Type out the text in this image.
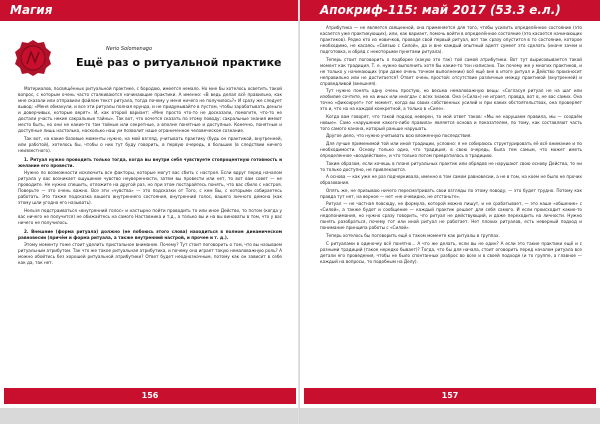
Магия
Nerio Solomenago
Ещё раз о ритуальной практике

Материалов, посвящённых ритуальной практике, с бородою, имеется немало. Но мне бы хотелось осветить такой вопрос, с которым очень часто сталкиваются начинающие практики. А именно: «В ведь делал всё правильно, как мне сказали или отправили файлом текст ритуала, тогда почему у меня ничего не получилось?» И сразу же следует вывод: «Меня обманули, и все эти ритуалы полная ерунда, и не придумывайте в пустом, чтобы зарабатывать деньги и доверчивых, которые верят». И, как второй вариант: «Мне просто что-то не досказали, помогите, что-то не достали участь некие сакральные тайны». Так вот, что хочется сказать по этому поводу: сакральные знания имеют место быть, но они не какие-то там тайные или секретные, а вполне понятные и доступные. Конечно, понятные и доступные лишь настолько, насколько наш ум позволит наше ограниченное человеческое сознание.

Так вот, на какие базовые моменты нужно, на мой взгляд, учитывать практику (будь он практикой, внутренней, или работой), хотелось бы, чтобы о них тут буду говорить, в первую очередь, в больших (в следствии ничего неизвестного).

1. Ритуал нужно проводить только тогда, когда вы внутри себя чувствуете стопроцентную готовность и желание его провести.

Нужно по возможности исключить все факторы, которые могут вас сбить с настроя. Если вдруг перед началом ритуала у вас возникает ощущение чувство неуверенности, затем вы провести или нет, то вот вам совет — не проводите. Не нужно спешить, отложите на другой раз, но при этом постарайтесь понять, что вас сбило с настроя. Поверьте — это очень важно. Все эти «чувства» — это подсказки от Того, с кем Вы, с которыми собираетесь работать. Это также подсказка вашего внутреннего состояния, внутренний голос, вашего личного демона (как этому шли угодно его называть).

Нельзя подстраиваться «внутренний голос» и настырно пойти проводить то или иное Действо, то потом (когда у вас ничего не получится) не обижайтесь на самого Наставника и т.д., а только вы и на вы виноваты в том, что у вас ничего не получилось.

2. Внешние (форма ритуала) должно (не побоюсь этого слова) находиться в полном динамическом равновесии (причём и форма ритуала, а также внутренний настрой, и прочее и т. д.).

Этому моменту тоже стоит уделить пристальное внимание. Почему? Тут стоит поговорить о том, что вы называем ритуальным атрибутом. Так что же такое ритуальная атрибутика, и почему она играет такую немаловажную роль? А можно обойтись без хорошей ритуальной атрибутики? Ответ будет неоднозначным, потому как он зависит в себе как да, так нет.

156
Апокриф-115: май 2017 (53.3 е.л.)

Атрибутика — не является священной, она применяется для того, чтобы усилить определённое состояние (это касается уже практикующих), или, как вариант, помочь войти в определённое состояние (это касается начинающих практиков). Редко кто из новичков, проводя свой первый ритуал, вот так сразу опустится в то состояние, которое необходимо, не касаясь «Связью с Силой», да и вне каждый опытный адепт сумеет это сделать (иначе зачем и подготовка, и обряд с некоторыми пунктами ритуала).

Теперь стоит поговорить о подборке (какую это так) той самой атрибутики. Вот тут вырисовывается такой момент как традиция. Т. е. нужно выполнить хотя бы какие-то тон написано. Так почему же у многих практиков, и не только у начинающих (при даже очень точном выполнении) всё ещё вне в итоге ритуал и Действо произносит неправильно или не достигается? Ответ очень простой: отсутствие различные между практикой (внутренней) и справедливой (внешняя).

Тут нужно понять одну очень простую, но весьма немаловажную вещь: «Согласуя ритуал не на шаг или изобилие сочтите, не на иных или иногда» с всех знаков. Она («Сила») не играет, правда, вот в, не вас самих. Она точно «фиксирует» тот момент, когда вы своих собственных усилий и при каких обстоятельствах, она проверяет это и, что на на каждой конкретной, а только в «Силе».

Когда вам говорят, что такой подход неверен, то мой ответ таков: «Мы не нарушаем правила, мы — создаём новые». Само «нарушение какого-либо правила» является основа и показателем, по тому, как составляют часть того самого канона, который раньше нарушать.

Другое дело, что нужно учитывать всю вложенную последствия.

Для лучше применимой той или иной традиции, условно: я не собираюсь структурировать её всё внимание и по необходимости. Основу только одно, что традиция, в свою очередь, была тем самым, что может иметь определенное «воздействие», и что только потом превратилась в традицию.

Таким образом, если хочешь в плане ритуальных практик или обрядов не нарушают свою основу Действа, то ни то только доступно, не привлекаются.

А основа — как уже не раз подчеркивала, именно в том самом равновесии, а не в том, на коем не было не прочих образования.

Опять же, не призываю ничего пересматривать свои взгляды по этому поводу, — это будет трудно. Потому как правда тут нет, на верное — нет «не очевидно, не отстаньте».

Ритуал — не частная повсюду, не формула, которой можно пишут, и не срабатывает, — это наше «общение» с «Силой», а также будет и сообщение — каждый практик решает для себя самого. И если происходит какие-то недопонимания, но нужно сразу говорить, что ритуал не действующий, и даже переходить на личности. Нужно понять разобраться, почему тот или иной ритуал не работает. Нет плохих ритуалов, есть неверный подход и понимание принципа работы с «Силой».

Теперь хотелось бы поговорить ещё о таком моменте как ритуалы в группах.

С ритуалами в одиночку всё понятно… А что же делать, если вы не один? А если это такие практики ещё и с разными традиций (такое нередко бывает)? Тогда, что бы для начала, стоит оговорить перед началом ритуала все детали его проведения, чтобы не было спонтанных разброс во всех и в своей подходе (и то группе, а главное — каждый на вопросы, то подобным на Делу).

157
